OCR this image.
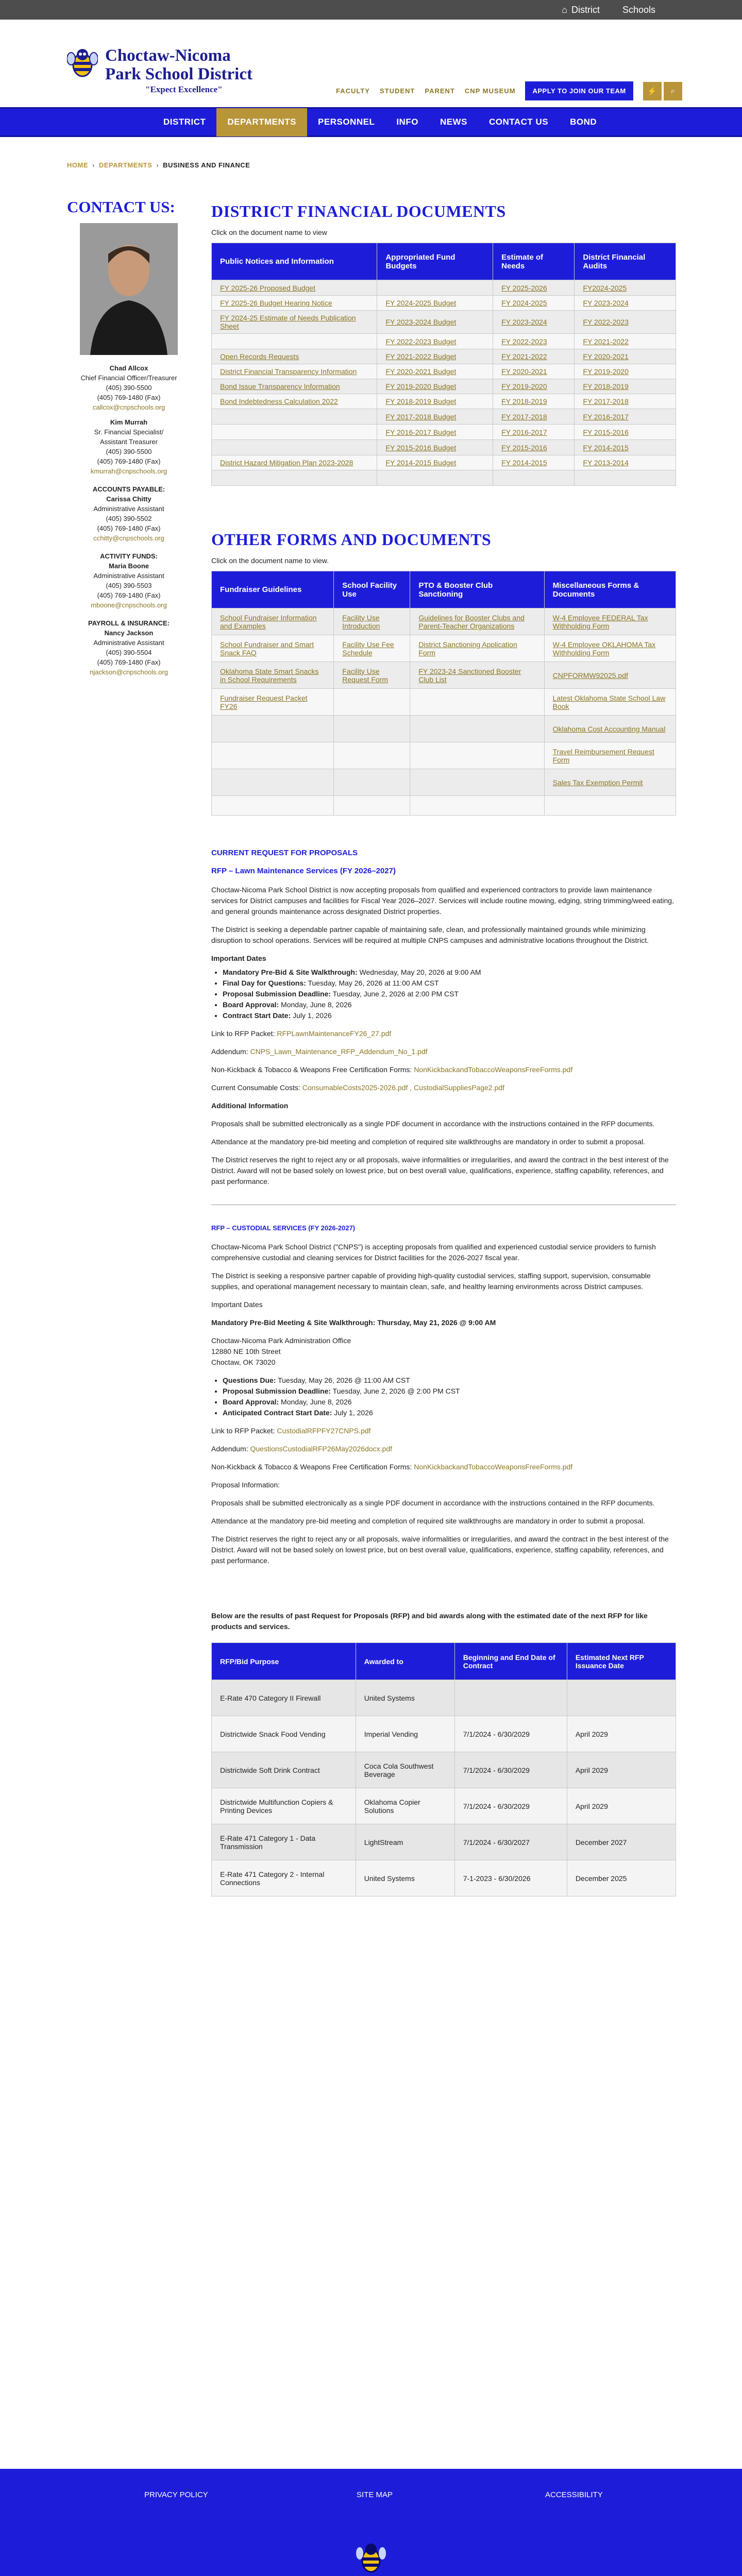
⌂ District Schools
Choctaw-Nicoma
Park School District
"Expect Excellence"	FACULTY STUDENT PARENT CNP MUSEUM	APPLY TO JOIN OUR TEAM	⚡	⌕
DISTRICT	DEPARTMENTS	PERSONNEL	INFO	NEWS	CONTACT US	BOND
HOME › DEPARTMENTS › BUSINESS AND FINANCE
CONTACT US:
Chad Allcox
Chief Financial Officer/Treasurer
(405) 390-5500
(405) 769-1480 (Fax)
callcox@cnpschools.org
Kim Murrah
Sr. Financial Specialist/
Assistant Treasurer
(405) 390-5500
(405) 769-1480 (Fax)
kmurrah@cnpschools.org
ACCOUNTS PAYABLE:
Carissa Chitty
Administrative Assistant
(405) 390-5502
(405) 769-1480 (Fax)
cchitty@cnpschools.org
ACTIVITY FUNDS:
Maria Boone
Administrative Assistant
(405) 390-5503
(405) 769-1480 (Fax)
mboone@cnpschools.org
PAYROLL & INSURANCE:
Nancy Jackson
Administrative Assistant
(405) 390-5504
(405) 769-1480 (Fax)
njackson@cnpschools.org
DISTRICT FINANCIAL DOCUMENTS

Click on the document name to view

Public Notices and Information	Appropriated Fund Budgets	Estimate of Needs	District Financial Audits
FY 2025-26 Proposed Budget		FY 2025-2026	FY2024-2025
FY 2025-26 Budget Hearing Notice	FY 2024-2025 Budget	FY 2024-2025	FY 2023-2024
FY 2024-25 Estimate of Needs Publication Sheet	FY 2023-2024 Budget	FY 2023-2024	FY 2022-2023
	FY 2022-2023 Budget	FY 2022-2023	FY 2021-2022
Open Records Requests	FY 2021-2022 Budget	FY 2021-2022	FY 2020-2021
District Financial Transparency Information	FY 2020-2021 Budget	FY 2020-2021	FY 2019-2020
Bond Issue Transparency Information	FY 2019-2020 Budget	FY 2019-2020	FY 2018-2019
Bond Indebtedness Calculation 2022	FY 2018-2019 Budget	FY 2018-2019	FY 2017-2018
	FY 2017-2018 Budget	FY 2017-2018	FY 2016-2017
	FY 2016-2017 Budget	FY 2016-2017	FY 2015-2016
	FY 2015-2016 Budget	FY 2015-2016	FY 2014-2015
District Hazard Mitigation Plan 2023-2028	FY 2014-2015 Budget	FY 2014-2015	FY 2013-2014

OTHER FORMS AND DOCUMENTS

Click on the document name to view.

Fundraiser Guidelines	School Facility Use	PTO & Booster Club Sanctioning	Miscellaneous Forms & Documents
School Fundraiser Information and Examples	Facility Use Introduction	Guidelines for Booster Clubs and Parent-Teacher Organizations	W-4 Employee FEDERAL Tax Withholding Form
School Fundraiser and Smart Snack FAQ	Facility Use Fee Schedule	District Sanctioning Application Form	W-4 Employee OKLAHOMA Tax Withholding Form
Oklahoma State Smart Snacks in School Requirements	Facility Use Request Form	FY 2023-24 Sanctioned Booster Club List	CNPFORMW92025.pdf
Fundraiser Request Packet FY26			Latest Oklahoma State School Law Book
			Oklahoma Cost Accounting Manual
			Travel Reimbursement Request Form
			Sales Tax Exemption Permit

CURRENT REQUEST FOR PROPOSALS

RFP – Lawn Maintenance Services (FY 2026–2027)

Choctaw-Nicoma Park School District is now accepting proposals from qualified and experienced contractors to provide lawn maintenance services for District campuses and facilities for Fiscal Year 2026–2027. Services will include routine mowing, edging, string trimming/weed eating, and general grounds maintenance across designated District properties.

The District is seeking a dependable partner capable of maintaining safe, clean, and professionally maintained grounds while minimizing disruption to school operations. Services will be required at multiple CNPS campuses and administrative locations throughout the District.

Important Dates

• Mandatory Pre-Bid & Site Walkthrough: Wednesday, May 20, 2026 at 9:00 AM
• Final Day for Questions: Tuesday, May 26, 2026 at 11:00 AM CST
• Proposal Submission Deadline: Tuesday, June 2, 2026 at 2:00 PM CST
• Board Approval: Monday, June 8, 2026
• Contract Start Date: July 1, 2026

Link to RFP Packet: RFPLawnMaintenanceFY26_27.pdf

Addendum: CNPS_Lawn_Maintenance_RFP_Addendum_No_1.pdf

Non-Kickback & Tobacco & Weapons Free Certification Forms: NonKickbackandTobaccoWeaponsFreeForms.pdf

Current Consumable Costs: ConsumableCosts2025-2026.pdf , CustodialSuppliesPage2.pdf

Additional Information

Proposals shall be submitted electronically as a single PDF document in accordance with the instructions contained in the RFP documents.

Attendance at the mandatory pre-bid meeting and completion of required site walkthroughs are mandatory in order to submit a proposal.

The District reserves the right to reject any or all proposals, waive informalities or irregularities, and award the contract in the best interest of the District. Award will not be based solely on lowest price, but on best overall value, qualifications, experience, staffing capability, references, and past performance.

RFP – CUSTODIAL SERVICES (FY 2026-2027)

Choctaw-Nicoma Park School District ("CNPS") is accepting proposals from qualified and experienced custodial service providers to furnish comprehensive custodial and cleaning services for District facilities for the 2026-2027 fiscal year.

The District is seeking a responsive partner capable of providing high-quality custodial services, staffing support, supervision, consumable supplies, and operational management necessary to maintain clean, safe, and healthy learning environments across District campuses.

Important Dates

Mandatory Pre-Bid Meeting & Site Walkthrough: Thursday, May 21, 2026 @ 9:00 AM

Choctaw-Nicoma Park Administration Office
12880 NE 10th Street
Choctaw, OK 73020

• Questions Due: Tuesday, May 26, 2026 @ 11:00 AM CST
• Proposal Submission Deadline: Tuesday, June 2, 2026 @ 2:00 PM CST
• Board Approval: Monday, June 8, 2026
• Anticipated Contract Start Date: July 1, 2026

Link to RFP Packet: CustodialRFPFY27CNPS.pdf

Addendum: QuestionsCustodialRFP26May2026docx.pdf

Non-Kickback & Tobacco & Weapons Free Certification Forms: NonKickbackandTobaccoWeaponsFreeForms.pdf

Proposal Information:

Proposals shall be submitted electronically as a single PDF document in accordance with the instructions contained in the RFP documents.

Attendance at the mandatory pre-bid meeting and completion of required site walkthroughs are mandatory in order to submit a proposal.

The District reserves the right to reject any or all proposals, waive informalities or irregularities, and award the contract in the best interest of the District. Award will not be based solely on lowest price, but on best overall value, qualifications, experience, staffing capability, references, and past performance.

Below are the results of past Request for Proposals (RFP) and bid awards along with the estimated date of the next RFP for like products and services.

RFP/Bid Purpose	Awarded to	Beginning and End Date of Contract	Estimated Next RFP Issuance Date
E-Rate 470 Category II Firewall	United Systems		
Districtwide Snack Food Vending	Imperial Vending	7/1/2024 - 6/30/2029	April 2029
Districtwide Soft Drink Contract	Coca Cola Southwest Beverage	7/1/2024 - 6/30/2029	April 2029
Districtwide Multifunction Copiers & Printing Devices	Oklahoma Copier Solutions	7/1/2024 - 6/30/2029	April 2029
E-Rate 471 Category 1 - Data Transmission	LightStream	7/1/2024 - 6/30/2027	December 2027
E-Rate 471 Category 2 - Internal Connections	United Systems	7-1-2023 - 6/30/2026	December 2025
PRIVACY POLICY	SITE MAP	ACCESSIBILITY
